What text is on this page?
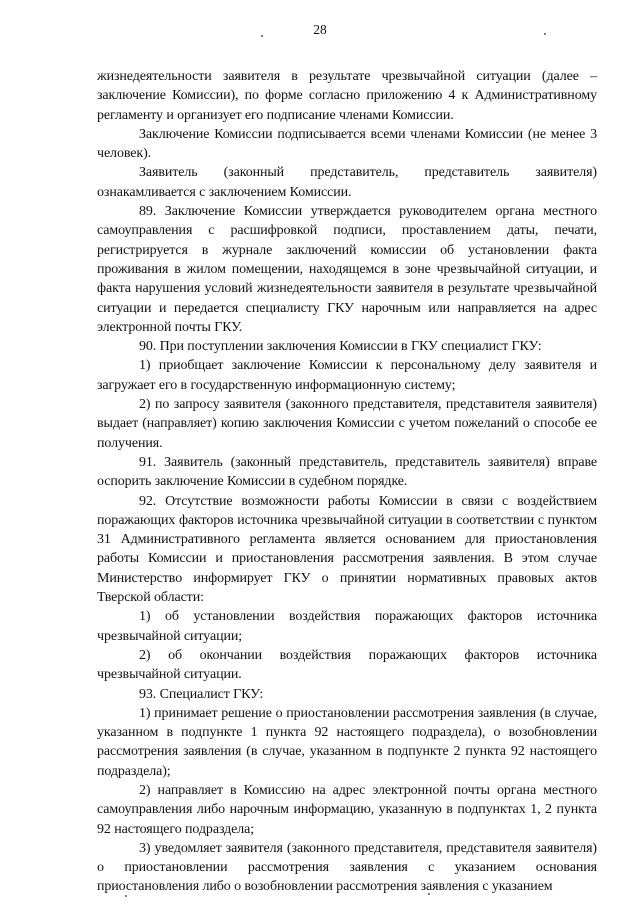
28

жизнедеятельности заявителя в результате чрезвычайной ситуации (далее – заключение Комиссии), по форме согласно приложению 4 к Административному регламенту и организует его подписание членами Комиссии.

Заключение Комиссии подписывается всеми членами Комиссии (не менее 3 человек).

Заявитель (законный представитель, представитель заявителя) ознакамливается с заключением Комиссии.

89. Заключение Комиссии утверждается руководителем органа местного самоуправления с расшифровкой подписи, проставлением даты, печати, регистрируется в журнале заключений комиссии об установлении факта проживания в жилом помещении, находящемся в зоне чрезвычайной ситуации, и факта нарушения условий жизнедеятельности заявителя в результате чрезвычайной ситуации и передается специалисту ГКУ нарочным или направляется на адрес электронной почты ГКУ.

90. При поступлении заключения Комиссии в ГКУ специалист ГКУ:

1) приобщает заключение Комиссии к персональному делу заявителя и загружает его в государственную информационную систему;

2) по запросу заявителя (законного представителя, представителя заявителя) выдает (направляет) копию заключения Комиссии с учетом пожеланий о способе ее получения.

91. Заявитель (законный представитель, представитель заявителя) вправе оспорить заключение Комиссии в судебном порядке.

92. Отсутствие возможности работы Комиссии в связи с воздействием поражающих факторов источника чрезвычайной ситуации в соответствии с пунктом 31 Административного регламента является основанием для приостановления работы Комиссии и приостановления рассмотрения заявления. В этом случае Министерство информирует ГКУ о принятии нормативных правовых актов Тверской области:

1) об установлении воздействия поражающих факторов источника чрезвычайной ситуации;

2) об окончании воздействия поражающих факторов источника чрезвычайной ситуации.

93. Специалист ГКУ:

1) принимает решение о приостановлении рассмотрения заявления (в случае, указанном в подпункте 1 пункта 92 настоящего подраздела), о возобновлении рассмотрения заявления (в случае, указанном в подпункте 2 пункта 92 настоящего подраздела);

2) направляет в Комиссию на адрес электронной почты органа местного самоуправления либо нарочным информацию, указанную в подпунктах 1, 2 пункта 92 настоящего подраздела;

3) уведомляет заявителя (законного представителя, представителя заявителя) о приостановлении рассмотрения заявления с указанием основания приостановления либо о возобновлении рассмотрения заявления с указанием
